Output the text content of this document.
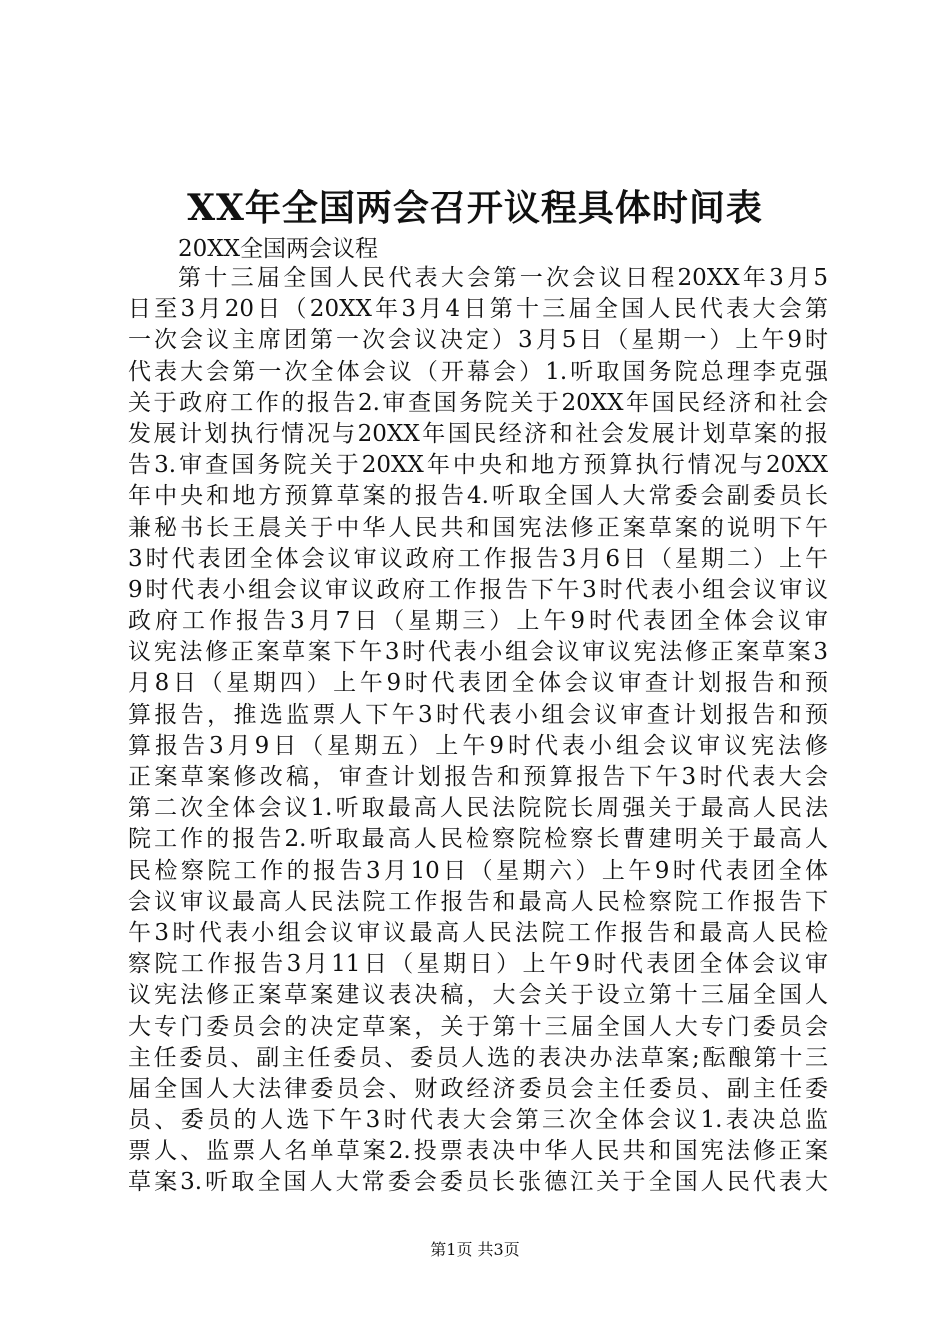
XX年全国两会召开议程具体时间表
20XX全国两会议程
第十三届全国人民代表大会第一次会议日程20XX年3月5
日至3月20日（20XX年3月4日第十三届全国人民代表大会第
一次会议主席团第一次会议决定）3月5日（星期一）上午9时
代表大会第一次全体会议（开幕会）1.听取国务院总理李克强
关于政府工作的报告2.审查国务院关于20XX年国民经济和社会
发展计划执行情况与20XX年国民经济和社会发展计划草案的报
告3.审查国务院关于20XX年中央和地方预算执行情况与20XX
年中央和地方预算草案的报告4.听取全国人大常委会副委员长
兼秘书长王晨关于中华人民共和国宪法修正案草案的说明下午
3时代表团全体会议审议政府工作报告3月6日（星期二）上午
9时代表小组会议审议政府工作报告下午3时代表小组会议审议
政府工作报告3月7日（星期三）上午9时代表团全体会议审
议宪法修正案草案下午3时代表小组会议审议宪法修正案草案3
月8日（星期四）上午9时代表团全体会议审查计划报告和预
算报告，推选监票人下午3时代表小组会议审查计划报告和预
算报告3月9日（星期五）上午9时代表小组会议审议宪法修
正案草案修改稿，审查计划报告和预算报告下午3时代表大会
第二次全体会议1.听取最高人民法院院长周强关于最高人民法
院工作的报告2.听取最高人民检察院检察长曹建明关于最高人
民检察院工作的报告3月10日（星期六）上午9时代表团全体
会议审议最高人民法院工作报告和最高人民检察院工作报告下
午3时代表小组会议审议最高人民法院工作报告和最高人民检
察院工作报告3月11日（星期日）上午9时代表团全体会议审
议宪法修正案草案建议表决稿，大会关于设立第十三届全国人
大专门委员会的决定草案，关于第十三届全国人大专门委员会
主任委员、副主任委员、委员人选的表决办法草案;酝酿第十三
届全国人大法律委员会、财政经济委员会主任委员、副主任委
员、委员的人选下午3时代表大会第三次全体会议1.表决总监
票人、监票人名单草案2.投票表决中华人民共和国宪法修正案
草案3.听取全国人大常委会委员长张德江关于全国人民代表大
第1页 共3页
